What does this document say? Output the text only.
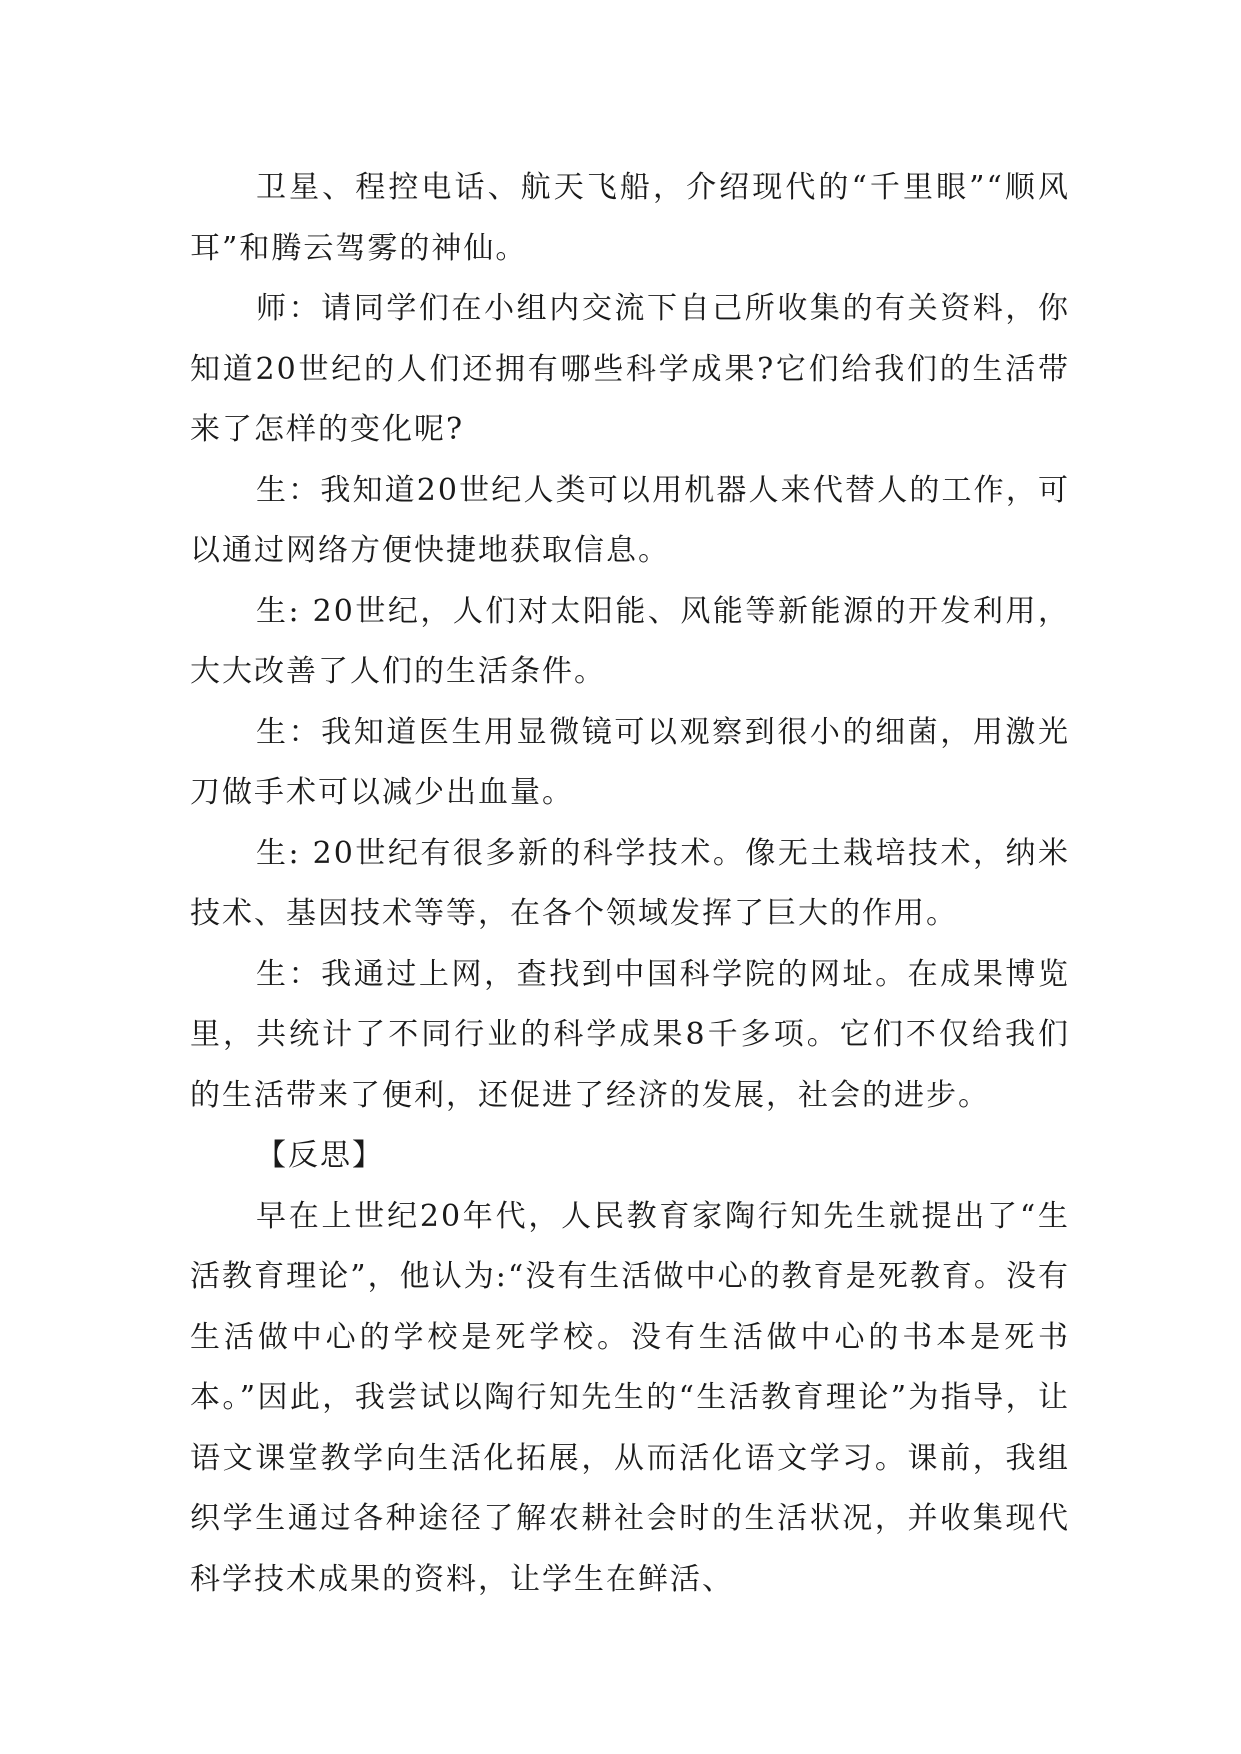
卫星、程控电话、航天飞船，介绍现代的“千里眼”“顺风耳”和腾云驾雾的神仙。

师：请同学们在小组内交流下自己所收集的有关资料，你知道20世纪的人们还拥有哪些科学成果?它们给我们的生活带来了怎样的变化呢?

生：我知道20世纪人类可以用机器人来代替人的工作，可以通过网络方便快捷地获取信息。

生: 20世纪，人们对太阳能、风能等新能源的开发利用，大大改善了人们的生活条件。

生：我知道医生用显微镜可以观察到很小的细菌，用激光刀做手术可以减少出血量。

生: 20世纪有很多新的科学技术。像无土栽培技术，纳米技术、基因技术等等，在各个领域发挥了巨大的作用。

生：我通过上网，查找到中国科学院的网址。在成果博览里，共统计了不同行业的科学成果8千多项。它们不仅给我们的生活带来了便利，还促进了经济的发展，社会的进步。

【反思】

早在上世纪20年代，人民教育家陶行知先生就提出了“生活教育理论”，他认为:“没有生活做中心的教育是死教育。没有生活做中心的学校是死学校。没有生活做中心的书本是死书本。”因此，我尝试以陶行知先生的“生活教育理论”为指导，让语文课堂教学向生活化拓展，从而活化语文学习。课前，我组织学生通过各种途径了解农耕社会时的生活状况，并收集现代科学技术成果的资料，让学生在鲜活、
